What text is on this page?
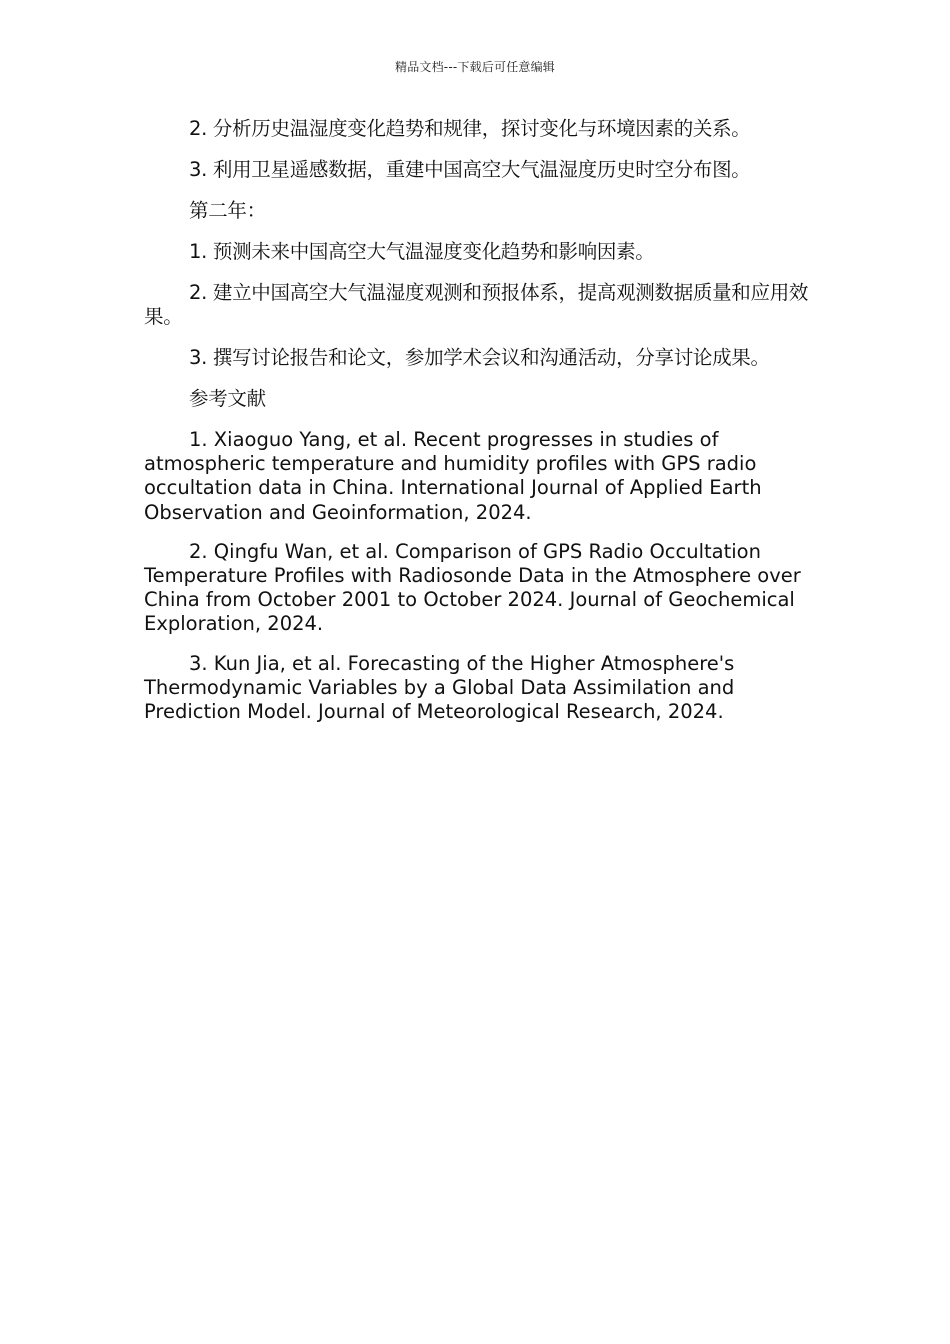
精品文档---下载后可任意编辑

2. 分析历史温湿度变化趋势和规律，探讨变化与环境因素的关系。

3. 利用卫星遥感数据，重建中国高空大气温湿度历史时空分布图。

第二年：

1. 预测未来中国高空大气温湿度变化趋势和影响因素。

2. 建立中国高空大气温湿度观测和预报体系，提高观测数据质量和应用效果。

3. 撰写讨论报告和论文，参加学术会议和沟通活动，分享讨论成果。

参考文献

1. Xiaoguo Yang, et al. Recent progresses in studies of atmospheric temperature and humidity profiles with GPS radio occultation data in China. International Journal of Applied Earth Observation and Geoinformation, 2024.

2. Qingfu Wan, et al. Comparison of GPS Radio Occultation Temperature Profiles with Radiosonde Data in the Atmosphere over China from October 2001 to October 2024. Journal of Geochemical Exploration, 2024.

3. Kun Jia, et al. Forecasting of the Higher Atmosphere's Thermodynamic Variables by a Global Data Assimilation and Prediction Model. Journal of Meteorological Research, 2024.
